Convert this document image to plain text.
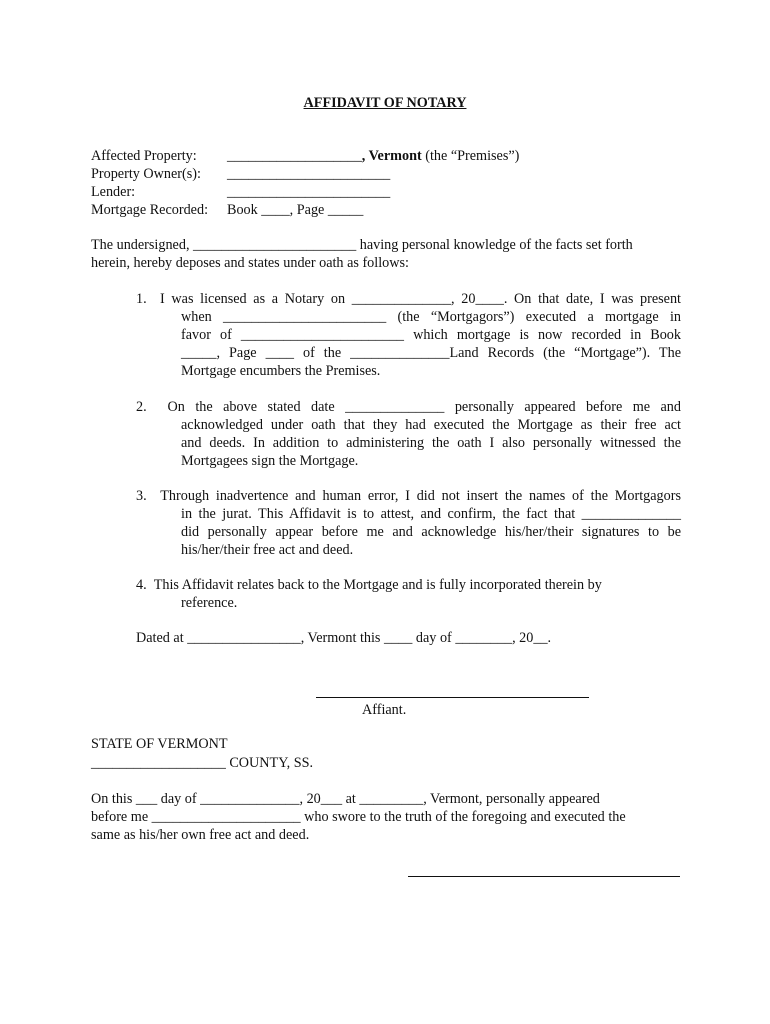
AFFIDAVIT OF NOTARY
Affected Property:	___________________, Vermont (the “Premises”)
Property Owner(s):	_______________________
Lender:	_______________________
Mortgage Recorded:	Book ____, Page _____
The undersigned, _______________________ having personal knowledge of the facts set forth
herein, hereby deposes and states under oath as follows:
1.  I was licensed as a Notary on ______________, 20____. On that date, I was present
when _______________________ (the “Mortgagors”) executed a mortgage in
favor of _______________________ which mortgage is now recorded in Book
_____, Page ____ of the ______________Land Records (the “Mortgage”). The
Mortgage encumbers the Premises.
2.  On the above stated date ______________ personally appeared before me and
acknowledged under oath that they had executed the Mortgage as their free act
and deeds. In addition to administering the oath I also personally witnessed the
Mortgagees sign the Mortgage.
3.  Through inadvertence and human error, I did not insert the names of the Mortgagors
in the jurat. This Affidavit is to attest, and confirm, the fact that ______________
did personally appear before me and acknowledge his/her/their signatures to be
his/her/their free act and deed.
4.  This Affidavit relates back to the Mortgage and is fully incorporated therein by
reference.
Dated at ________________, Vermont this ____ day of ________, 20__.
Affiant.
STATE OF VERMONT
___________________ COUNTY, SS.
On this ___ day of ______________, 20___ at _________, Vermont, personally appeared
before me _____________________ who swore to the truth of the foregoing and executed the
same as his/her own free act and deed.
